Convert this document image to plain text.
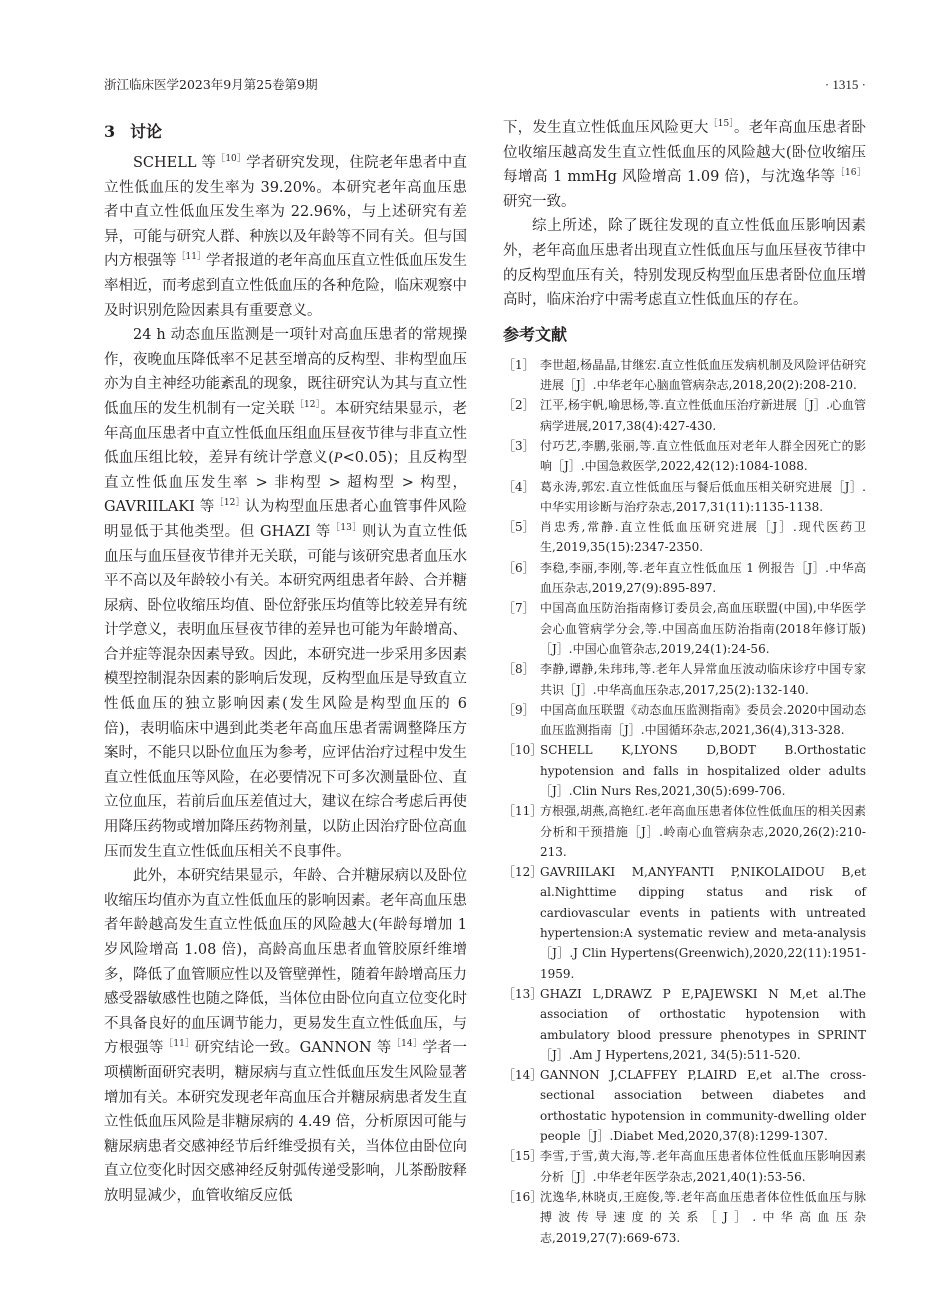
浙江临床医学2023年9月第25卷第9期	· 1315 ·
3 讨论

SCHELL 等$^{[10]}$学者研究发现，住院老年患者中直立性低血压的发生率为 39.20%。本研究老年高血压患者中直立性低血压发生率为 22.96%，与上述研究有差异，可能与研究人群、种族以及年龄等不同有关。但与国内方根强等$^{[11]}$学者报道的老年高血压直立性低血压发生率相近，而考虑到直立性低血压的各种危险，临床观察中及时识别危险因素具有重要意义。

24 h 动态血压监测是一项针对高血压患者的常规操作，夜晚血压降低率不足甚至增高的反构型、非构型血压亦为自主神经功能紊乱的现象，既往研究认为其与直立性低血压的发生机制有一定关联$^{[12]}$。本研究结果显示，老年高血压患者中直立性低血压组血压昼夜节律与非直立性低血压组比较，差异有统计学意义(P<0.05)；且反构型直立性低血压发生率 > 非构型 > 超构型 > 构型，GAVRIILAKI 等$^{[12]}$认为构型血压患者心血管事件风险明显低于其他类型。但 GHAZI 等$^{[13]}$则认为直立性低血压与血压昼夜节律并无关联，可能与该研究患者血压水平不高以及年龄较小有关。本研究两组患者年龄、合并糖尿病、卧位收缩压均值、卧位舒张压均值等比较差异有统计学意义，表明血压昼夜节律的差异也可能为年龄增高、合并症等混杂因素导致。因此，本研究进一步采用多因素模型控制混杂因素的影响后发现，反构型血压是导致直立性低血压的独立影响因素(发生风险是构型血压的 6 倍)，表明临床中遇到此类老年高血压患者需调整降压方案时，不能只以卧位血压为参考，应评估治疗过程中发生直立性低血压等风险，在必要情况下可多次测量卧位、直立位血压，若前后血压差值过大，建议在综合考虑后再使用降压药物或增加降压药物剂量，以防止因治疗卧位高血压而发生直立性低血压相关不良事件。

此外，本研究结果显示，年龄、合并糖尿病以及卧位收缩压均值亦为直立性低血压的影响因素。老年高血压患者年龄越高发生直立性低血压的风险越大(年龄每增加 1 岁风险增高 1.08 倍)，高龄高血压患者血管胶原纤维增多，降低了血管顺应性以及管壁弹性，随着年龄增高压力感受器敏感性也随之降低，当体位由卧位向直立位变化时不具备良好的血压调节能力，更易发生直立性低血压，与方根强等$^{[11]}$研究结论一致。GANNON 等$^{[14]}$学者一项横断面研究表明，糖尿病与直立性低血压发生风险显著增加有关。本研究发现老年高血压合并糖尿病患者发生直立性低血压风险是非糖尿病的 4.49 倍，分析原因可能与糖尿病患者交感神经节后纤维受损有关，当体位由卧位向直立位变化时因交感神经反射弧传递受影响，儿茶酚胺释放明显减少，血管收缩反应低

下，发生直立性低血压风险更大$^{[15]}$。老年高血压患者卧位收缩压越高发生直立性低血压的风险越大(卧位收缩压每增高 1 mmHg 风险增高 1.09 倍)，与沈逸华等$^{[16]}$研究一致。

综上所述，除了既往发现的直立性低血压影响因素外，老年高血压患者出现直立性低血压与血压昼夜节律中的反构型血压有关，特别发现反构型血压患者卧位血压增高时，临床治疗中需考虑直立性低血压的存在。

参考文献
［1］ 李世超,杨晶晶,甘继宏.直立性低血压发病机制及风险评估研究进展［J］.中华老年心脑血管病杂志,2018,20(2):208-210.
［2］ 江平,杨宇帆,喻思杨,等.直立性低血压治疗新进展［J］.心血管病学进展,2017,38(4):427-430.
［3］ 付巧艺,李鹏,张丽,等.直立性低血压对老年人群全因死亡的影响［J］.中国急救医学,2022,42(12):1084-1088.
［4］ 葛永涛,郭宏.直立性低血压与餐后低血压相关研究进展［J］.中华实用诊断与治疗杂志,2017,31(11):1135-1138.
［5］ 肖忠秀,常静.直立性低血压研究进展［J］.现代医药卫生,2019,35(15):2347-2350.
［6］ 李稳,李丽,李刚,等.老年直立性低血压 1 例报告［J］.中华高血压杂志,2019,27(9):895-897.
［7］ 中国高血压防治指南修订委员会,高血压联盟(中国),中华医学会心血管病学分会,等.中国高血压防治指南(2018年修订版)［J］.中国心血管杂志,2019,24(1):24-56.
［8］ 李静,谭静,朱玮玮,等.老年人异常血压波动临床诊疗中国专家共识［J］.中华高血压杂志,2017,25(2):132-140.
［9］ 中国高血压联盟《动态血压监测指南》委员会.2020中国动态血压监测指南［J］.中国循环杂志,2021,36(4),313-328.
［10］
SCHELL K,LYONS D,BODT B.Orthostatic hypotension and falls in hospitalized older adults［J］.Clin Nurs Res,2021,30(5):699-706.
［11］
方根强,胡燕,高艳红.老年高血压患者体位性低血压的相关因素分析和干预措施［J］.岭南心血管病杂志,2020,26(2):210-213.
［12］
GAVRIILAKI M,ANYFANTI P,NIKOLAIDOU B,et al.Nighttime dipping status and risk of cardiovascular events in patients with untreated hypertension:A systematic review and meta-analysis［J］.J Clin Hypertens(Greenwich),2020,22(11):1951-1959.
［13］
GHAZI L,DRAWZ P E,PAJEWSKI N M,et al.The association of orthostatic hypotension with ambulatory blood pressure phenotypes in SPRINT［J］.Am J Hypertens,2021, 34(5):511-520.
［14］
GANNON J,CLAFFEY P,LAIRD E,et al.The cross-sectional association between diabetes and orthostatic hypotension in community-dwelling older people［J］.Diabet Med,2020,37(8):1299-1307.
［15］
李雪,于雪,黄大海,等.老年高血压患者体位性低血压影响因素分析［J］.中华老年医学杂志,2021,40(1):53-56.
［16］
沈逸华,林晓贞,王庭俊,等.老年高血压患者体位性低血压与脉搏波传导速度的关系［J］.中华高血压杂志,2019,27(7):669-673.
